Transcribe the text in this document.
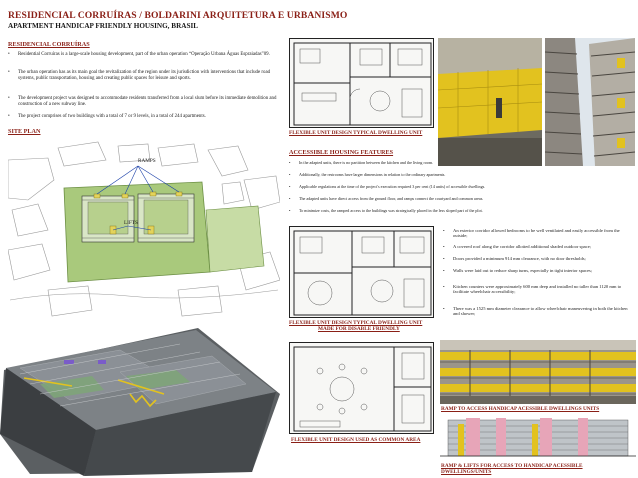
RESIDENCIAL CORRUÍRAS / BOLDARINI ARQUITETURA E URBANISMO
APARTMENT HANDICAP FRIENDLY HOUSING, BRASIL
RESIDENCIAL CORRUÍRAS
• Residential Corruíras is a large-scale housing development, part of the urban operation “Operação Urbana Águas Espraiadas”09.
• The urban operation has as its main goal the revitalization of the region under its jurisdiction with interventions that include road systems, public transportation, housing and creating public spaces for leisure and sports.
• The development project was designed to accommodate residents transferred from a local slum before its immediate demolition and construction of a new subway line.
• The project comprises of two buildings with a total of 7 or 9 levels, in a total of 244 apartments.
SITE PLAN
RAMPS
LIFTS
FLEXIBLE UNIT DESIGN TYPICAL DWELLING UNIT
ACCESSIBLE HOUSING FEATURES
• In the adapted units, there is no partition between the kitchen and the living room.
• Additionally, the restrooms have larger dimensions in relation to the ordinary apartments.
• Applicable regulations at the time of the project's execution required 3 per cent (14 units) of accessible dwellings.
• The adapted units have direct access from the ground floor, and ramps connect the courtyard and common areas.
• To minimize costs, the ramped access to the buildings was strategically placed in the less sloped part of the plot.
FLEXIBLE UNIT DESIGN TYPICAL DWELLING UNIT
MADE FOR DISABLE FRIENDLY
FLEXIBLE UNIT DESIGN USED AS COMMON AREA
• An exterior corridor allowed bedrooms to be well ventilated and easily accessible from the outside;
• A covered roof along the corridor allotted additional shaded outdoor space;
• Doors provided a minimum 914 mm clearance, with no door thresholds;
• Walls were laid out to reduce sharp turns, especially in tight interior spaces;
• Kitchen counters were approximately 600 mm deep and installed no taller than 1120 mm to facilitate wheelchair accessibility;
• There was a 1525 mm diameter clearance to allow wheelchair maneuvering in both the kitchen and shower;
RAMP TO ACCESS HANDICAP ACESSIBLE DWELLINGS UNITS
RAMP & LIFTS FOR ACCESS TO HANDICAP ACESSIBLE
DWELLINGS/UNITS
